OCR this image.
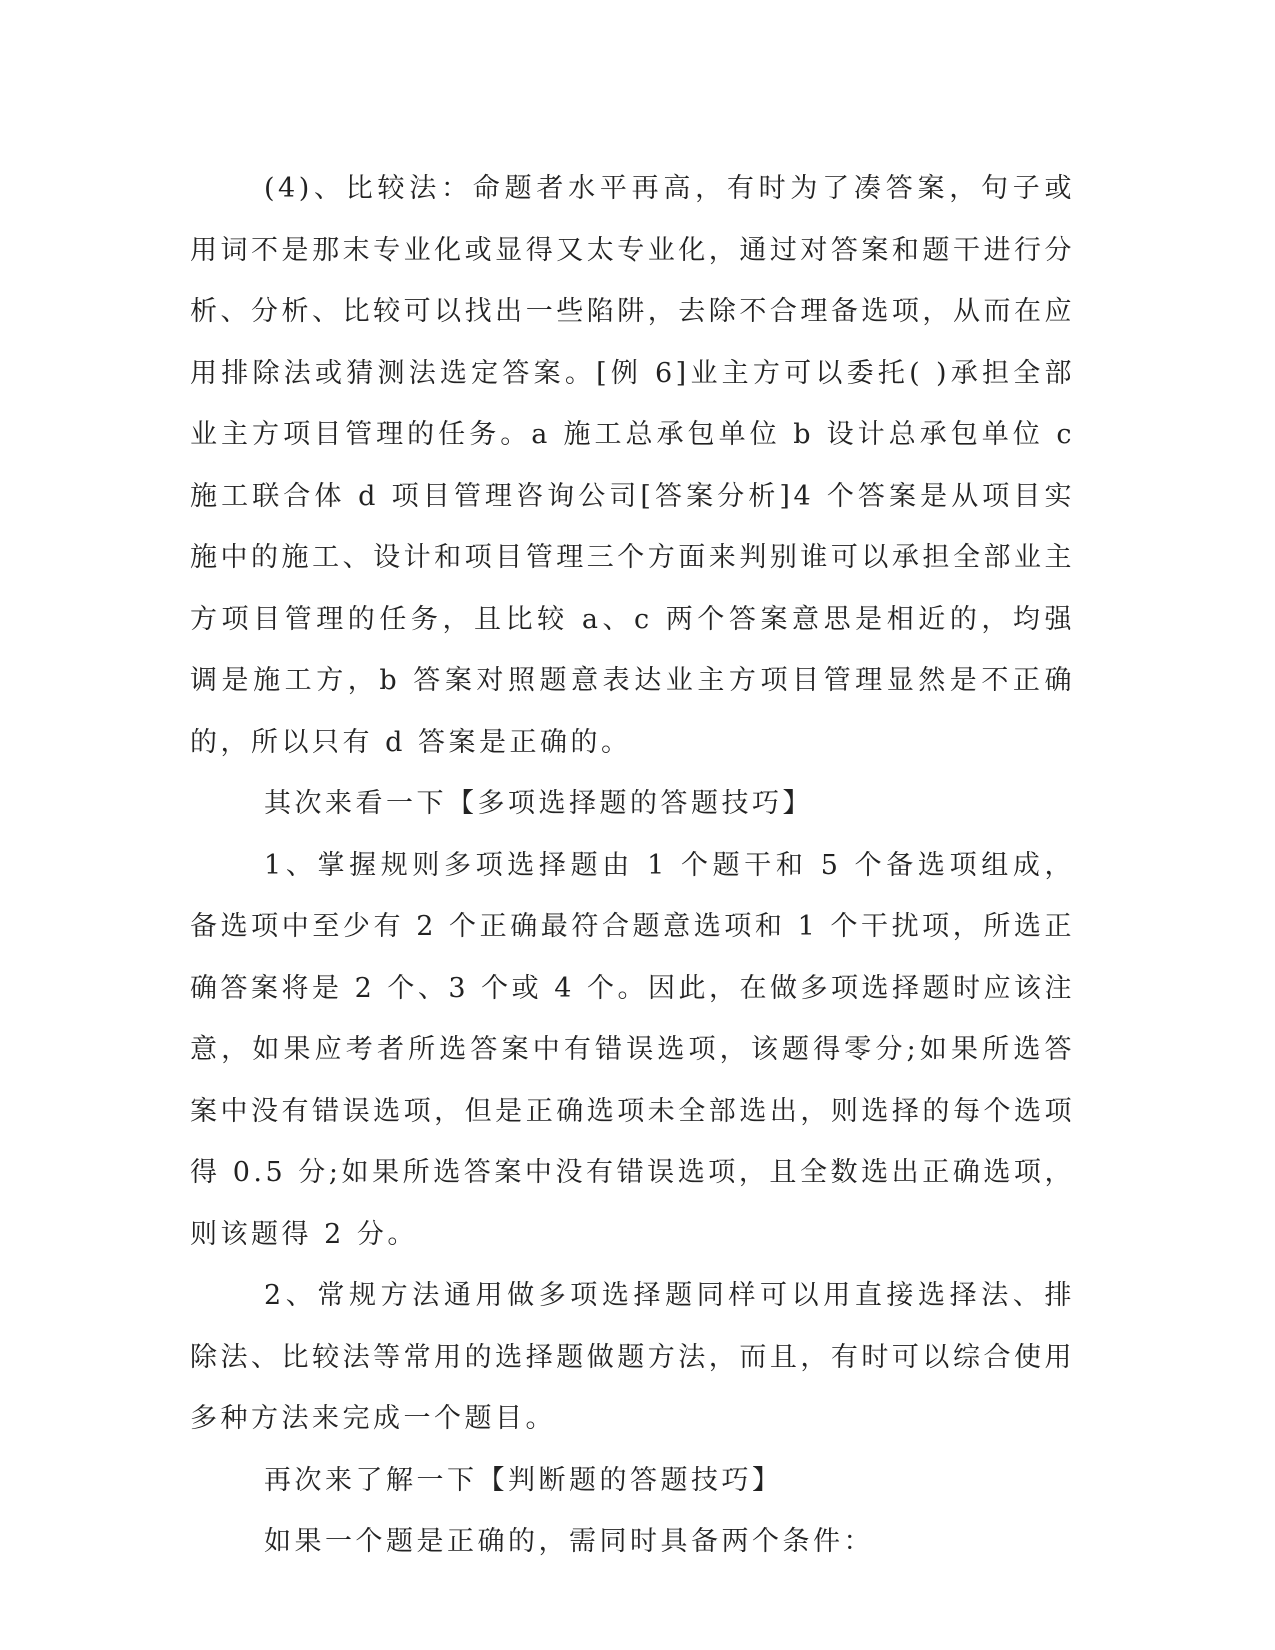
(4)、比较法：命题者水平再高，有时为了凑答案，句子或用词不是那末专业化或显得又太专业化，通过对答案和题干进行分析、分析、比较可以找出一些陷阱，去除不合理备选项，从而在应用排除法或猜测法选定答案。[例 6]业主方可以委托( )承担全部业主方项目管理的任务。a 施工总承包单位 b 设计总承包单位 c 施工联合体 d 项目管理咨询公司[答案分析]4 个答案是从项目实施中的施工、设计和项目管理三个方面来判别谁可以承担全部业主方项目管理的任务，且比较 a、c 两个答案意思是相近的，均强调是施工方，b 答案对照题意表达业主方项目管理显然是不正确的，所以只有 d 答案是正确的。

其次来看一下【多项选择题的答题技巧】

1、掌握规则多项选择题由 1 个题干和 5 个备选项组成，备选项中至少有 2 个正确最符合题意选项和 1 个干扰项，所选正确答案将是 2 个、3 个或 4 个。因此，在做多项选择题时应该注意，如果应考者所选答案中有错误选项，该题得零分;如果所选答案中没有错误选项，但是正确选项未全部选出，则选择的每个选项得 0.5 分;如果所选答案中没有错误选项，且全数选出正确选项，则该题得 2 分。

2、常规方法通用做多项选择题同样可以用直接选择法、排除法、比较法等常用的选择题做题方法，而且，有时可以综合使用多种方法来完成一个题目。

再次来了解一下【判断题的答题技巧】

如果一个题是正确的，需同时具备两个条件：
